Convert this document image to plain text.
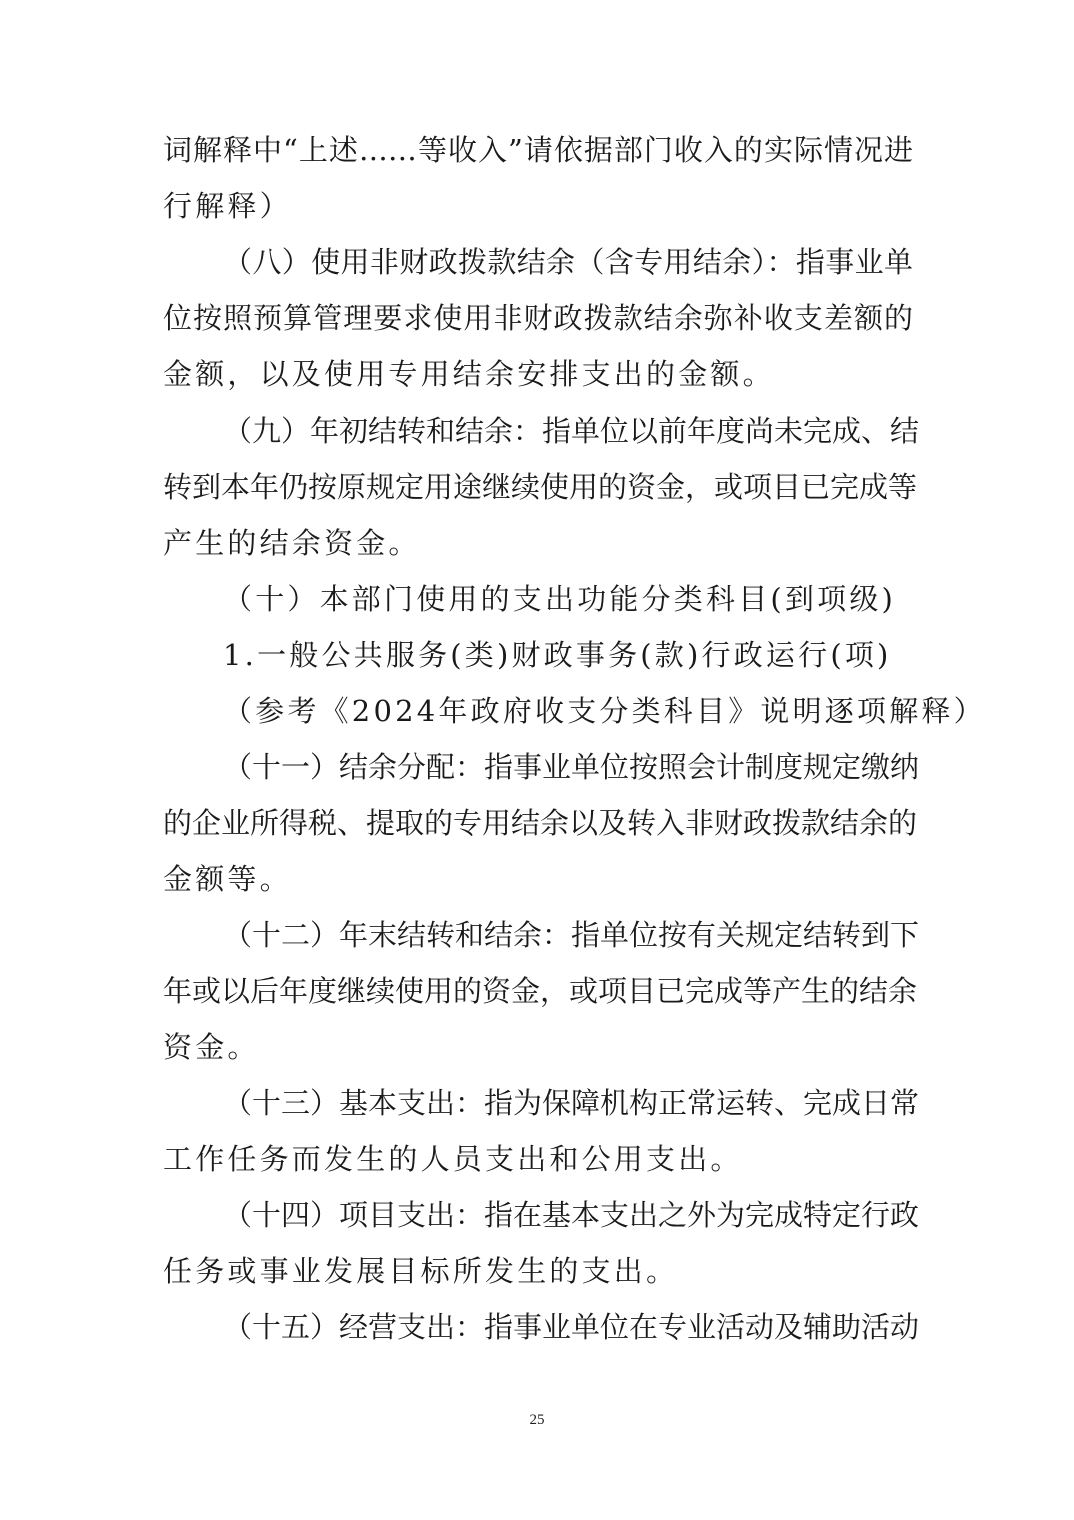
词解释中“上述……等收入”请依据部门收入的实际情况进
行解释）
（八）使用非财政拨款结余（含专用结余）：指事业单
位按照预算管理要求使用非财政拨款结余弥补收支差额的
金额，以及使用专用结余安排支出的金额。
（九）年初结转和结余：指单位以前年度尚未完成、结
转到本年仍按原规定用途继续使用的资金，或项目已完成等
产生的结余资金。
（十）本部门使用的支出功能分类科目(到项级)
1.一般公共服务(类)财政事务(款)行政运行(项)
（参考《2024年政府收支分类科目》说明逐项解释）
（十一）结余分配：指事业单位按照会计制度规定缴纳
的企业所得税、提取的专用结余以及转入非财政拨款结余的
金额等。
（十二）年末结转和结余：指单位按有关规定结转到下
年或以后年度继续使用的资金，或项目已完成等产生的结余
资金。
（十三）基本支出：指为保障机构正常运转、完成日常
工作任务而发生的人员支出和公用支出。
（十四）项目支出：指在基本支出之外为完成特定行政
任务或事业发展目标所发生的支出。
（十五）经营支出：指事业单位在专业活动及辅助活动
25
